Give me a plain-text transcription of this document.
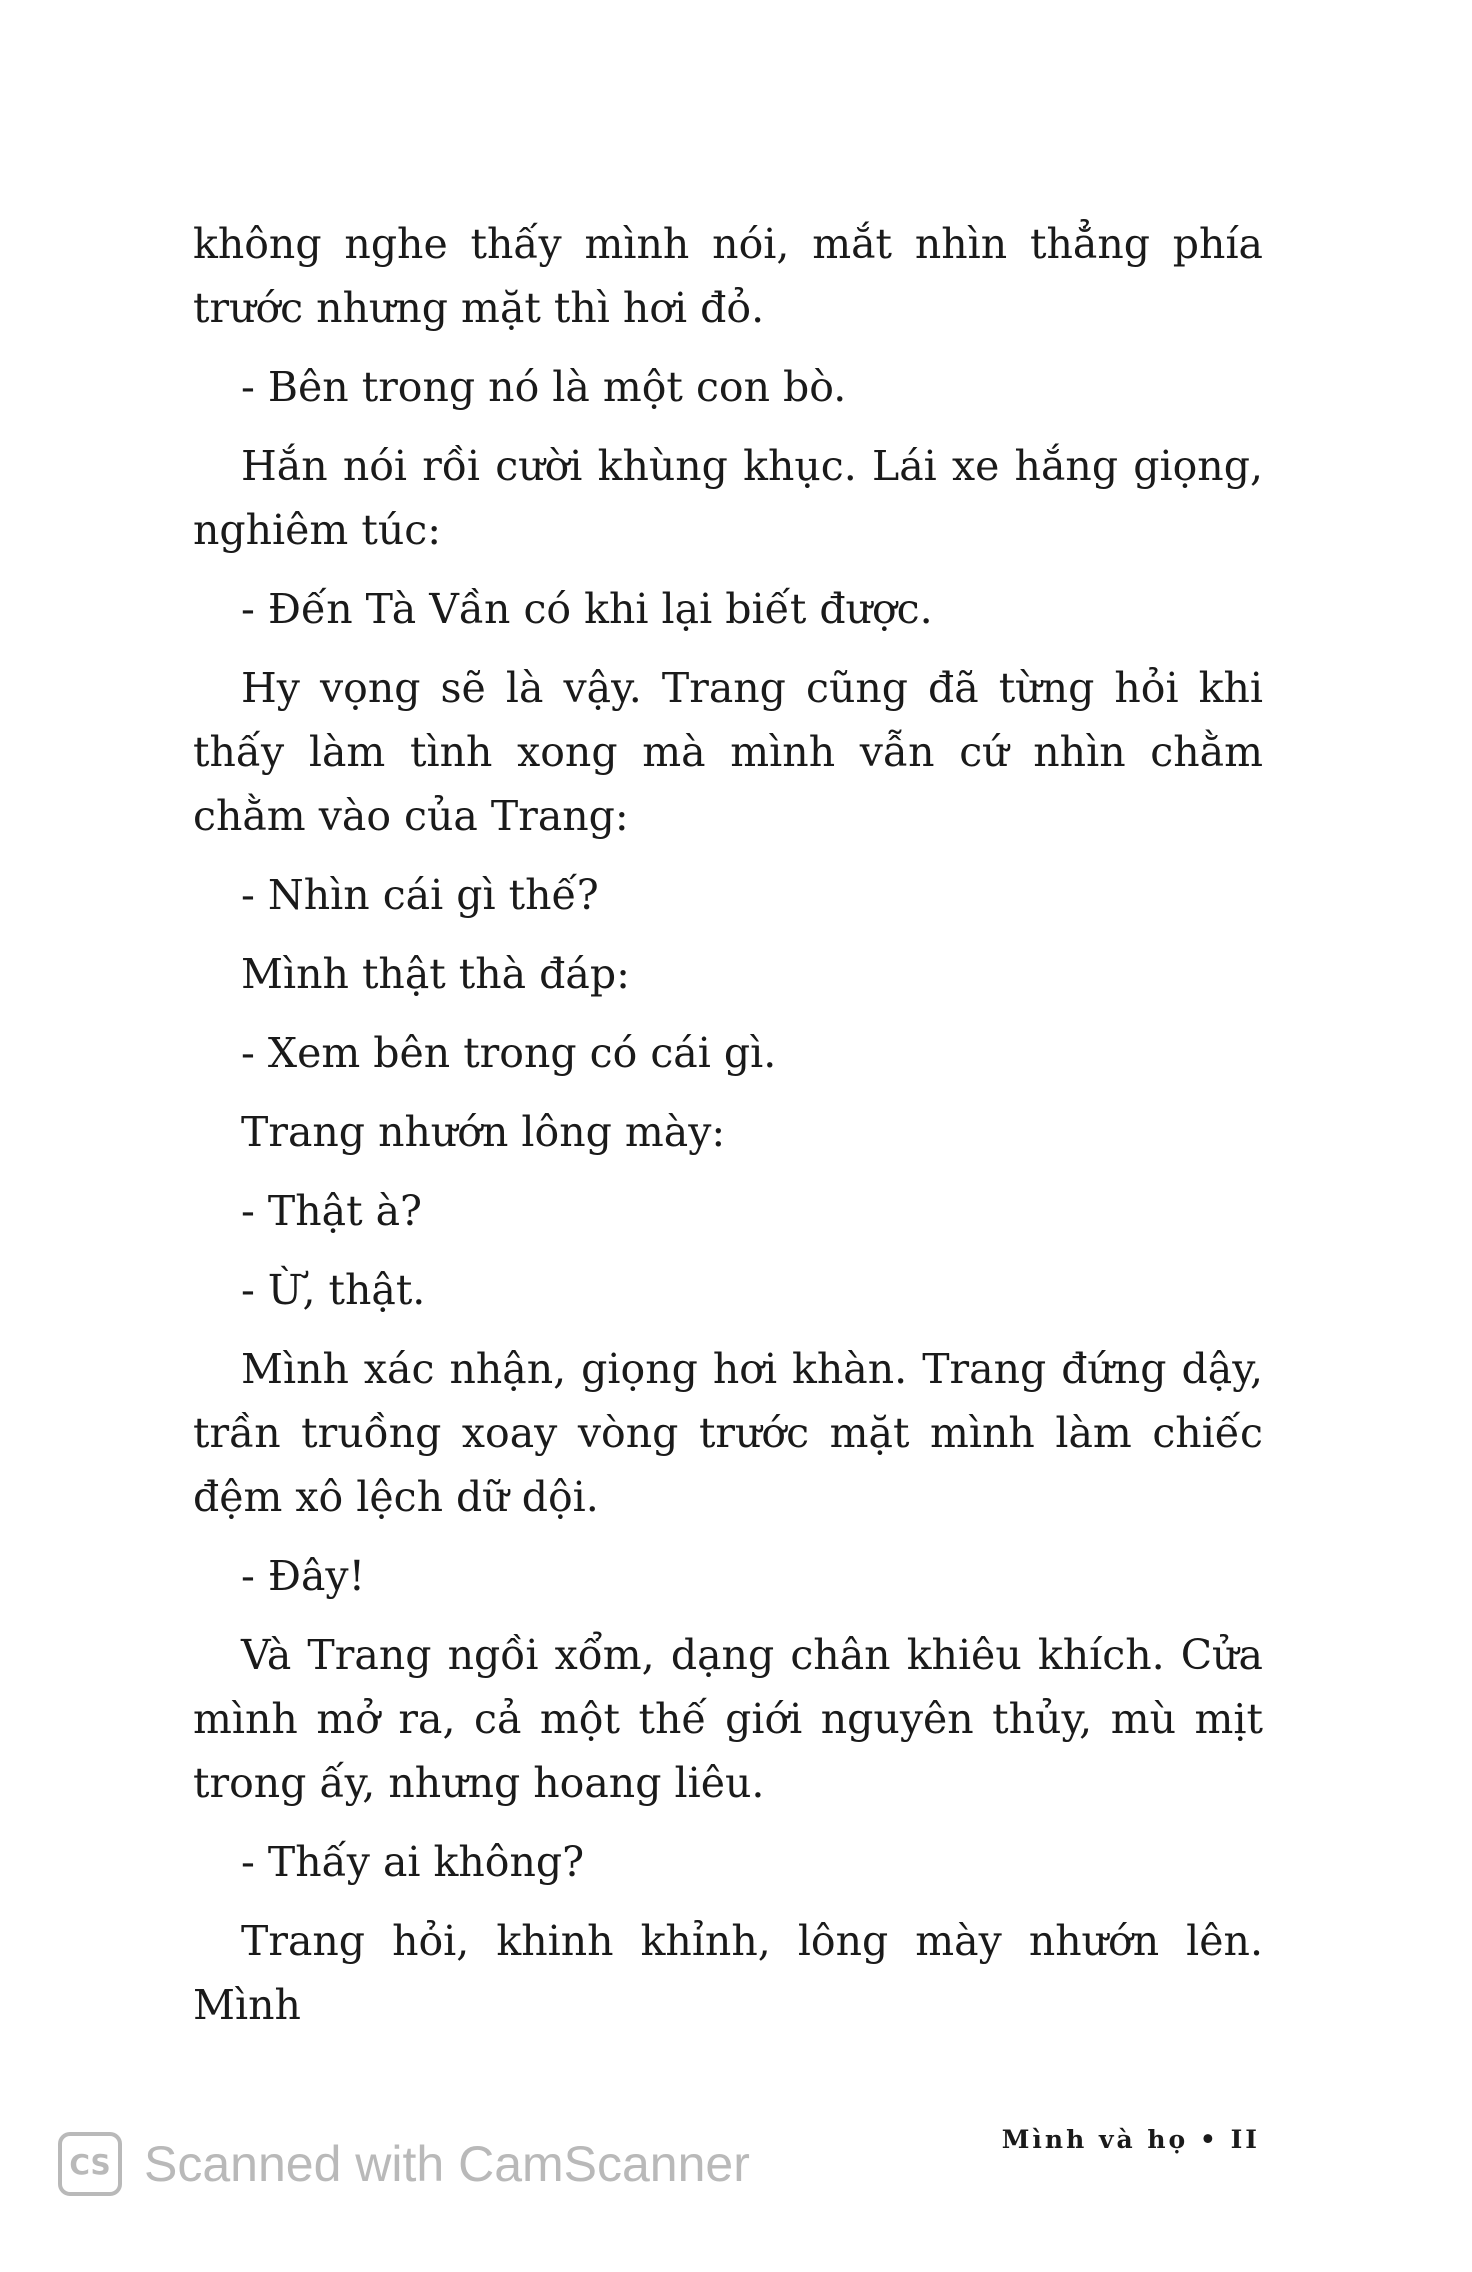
không nghe thấy mình nói, mắt nhìn thẳng phía trước nhưng mặt thì hơi đỏ.

- Bên trong nó là một con bò.

Hắn nói rồi cười khùng khục. Lái xe hắng giọng, nghiêm túc:

- Đến Tà Vần có khi lại biết được.

Hy vọng sẽ là vậy. Trang cũng đã từng hỏi khi thấy làm tình xong mà mình vẫn cứ nhìn chằm chằm vào của Trang:

- Nhìn cái gì thế?

Mình thật thà đáp:

- Xem bên trong có cái gì.

Trang nhướn lông mày:

- Thật à?

- Ừ, thật.

Mình xác nhận, giọng hơi khàn. Trang đứng dậy, trần truồng xoay vòng trước mặt mình làm chiếc đệm xô lệch dữ dội.

- Đây!

Và Trang ngồi xổm, dạng chân khiêu khích. Cửa mình mở ra, cả một thế giới nguyên thủy, mù mịt trong ấy, nhưng hoang liêu.

- Thấy ai không?

Trang hỏi, khinh khỉnh, lông mày nhướn lên. Mình

Mình và họ • II
CS Scanned with CamScanner
